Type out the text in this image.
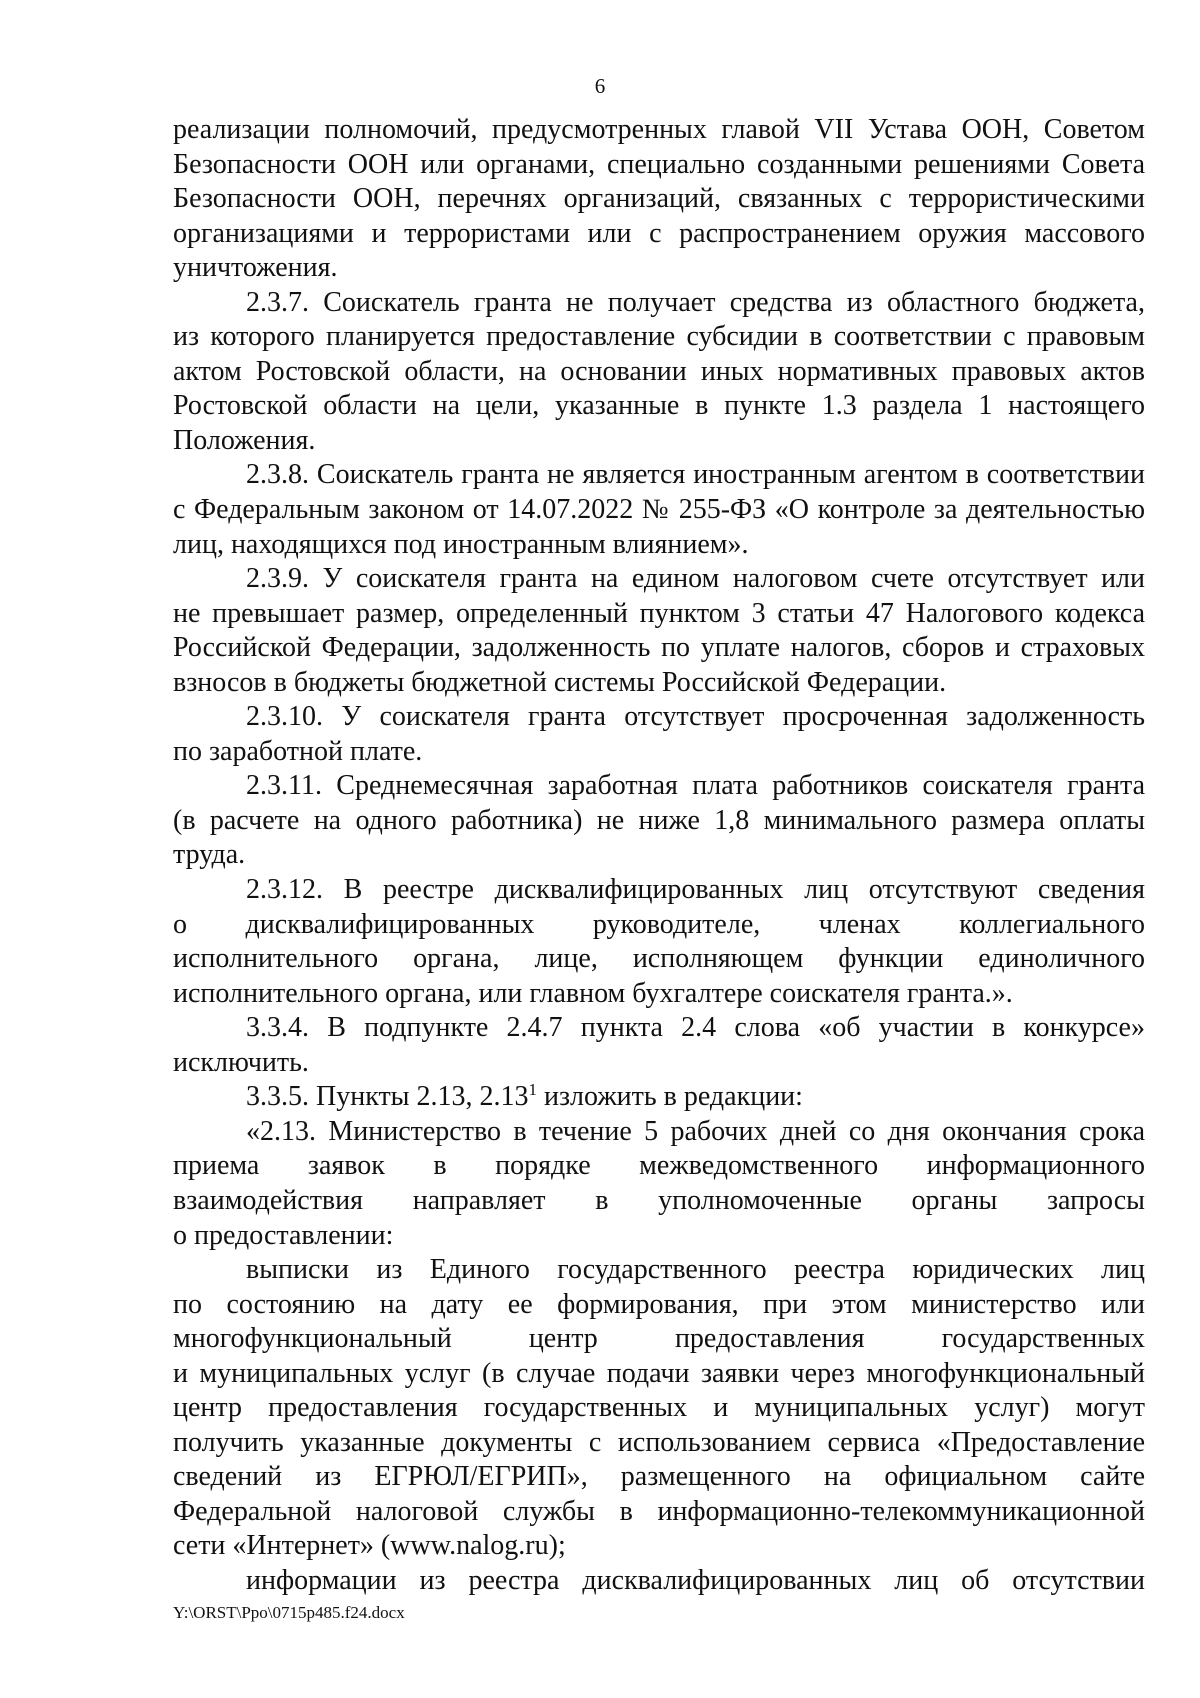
6
реализации полномочий, предусмотренных главой VII Устава ООН, Советом
Безопасности ООН или органами, специально созданными решениями Совета
Безопасности ООН, перечнях организаций, связанных с террористическими
организациями и террористами или с распространением оружия массового
уничтожения.
2.3.7. Соискатель гранта не получает средства из областного бюджета,
из которого планируется предоставление субсидии в соответствии с правовым
актом Ростовской области, на основании иных нормативных правовых актов
Ростовской области на цели, указанные в пункте 1.3 раздела 1 настоящего
Положения.
2.3.8. Соискатель гранта не является иностранным агентом в соответствии
с Федеральным законом от 14.07.2022 № 255-ФЗ «О контроле за деятельностью
лиц, находящихся под иностранным влиянием».
2.3.9. У соискателя гранта на едином налоговом счете отсутствует или
не превышает размер, определенный пунктом 3 статьи 47 Налогового кодекса
Российской Федерации, задолженность по уплате налогов, сборов и страховых
взносов в бюджеты бюджетной системы Российской Федерации.
2.3.10. У соискателя гранта отсутствует просроченная задолженность
по заработной плате.
2.3.11. Среднемесячная заработная плата работников соискателя гранта
(в расчете на одного работника) не ниже 1,8 минимального размера оплаты
труда.
2.3.12. В реестре дисквалифицированных лиц отсутствуют сведения
о дисквалифицированных руководителе, членах коллегиального
исполнительного органа, лице, исполняющем функции единоличного
исполнительного органа, или главном бухгалтере соискателя гранта.».
3.3.4. В подпункте 2.4.7 пункта 2.4 слова «об участии в конкурсе»
исключить.
3.3.5. Пункты 2.13, 2.13$^1$ изложить в редакции:
«2.13. Министерство в течение 5 рабочих дней со дня окончания срока
приема заявок в порядке межведомственного информационного
взаимодействия направляет в уполномоченные органы запросы
о предоставлении:
выписки из Единого государственного реестра юридических лиц
по состоянию на дату ее формирования, при этом министерство или
многофункциональный центр предоставления государственных
и муниципальных услуг (в случае подачи заявки через многофункциональный
центр предоставления государственных и муниципальных услуг) могут
получить указанные документы с использованием сервиса «Предоставление
сведений из ЕГРЮЛ/ЕГРИП», размещенного на официальном сайте
Федеральной налоговой службы в информационно-телекоммуникационной
сети «Интернет» (www.nalog.ru);
информации из реестра дисквалифицированных лиц об отсутствии
Y:\ORST\Ppo\0715p485.f24.docx
